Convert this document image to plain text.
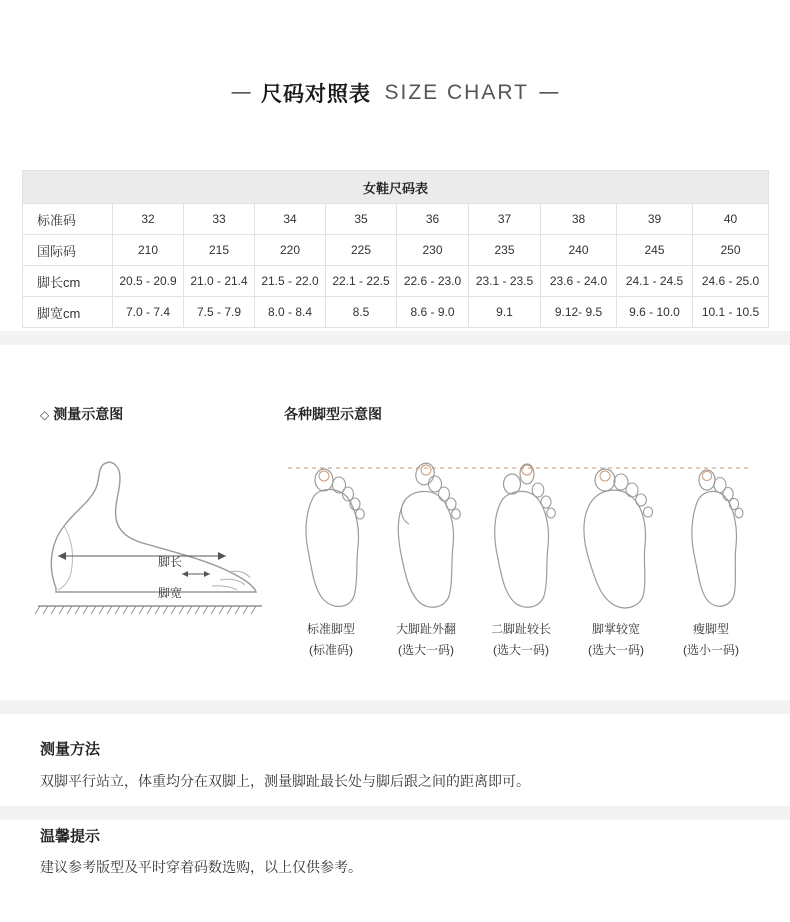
— 尺码对照表 SIZE CHART —
女鞋尺码表									
标准码	32	33	34	35	36	37	38	39	40
国际码	210	215	220	225	230	235	240	245	250
脚长cm	20.5 - 20.9	21.0 - 21.4	21.5 - 22.0	22.1 - 22.5	22.6 - 23.0	23.1 - 23.5	23.6 - 24.0	24.1 - 24.5	24.6 - 25.0
脚宽cm	7.0 - 7.4	7.5 - 7.9	8.0 - 8.4	8.5	8.6 - 9.0	9.1	9.12- 9.5	9.6 - 10.0	10.1 - 10.5
◇ 测量示意图
脚长
脚宽
各种脚型示意图
标准脚型
(标准码)
大脚趾外翻
(选大一码)
二脚趾较长
(选大一码)
脚掌较宽
(选大一码)
瘦脚型
(选小一码)
测量方法
双脚平行站立，体重均分在双脚上，测量脚趾最长处与脚后跟之间的距离即可。
温馨提示
建议参考版型及平时穿着码数选购，以上仅供参考。
